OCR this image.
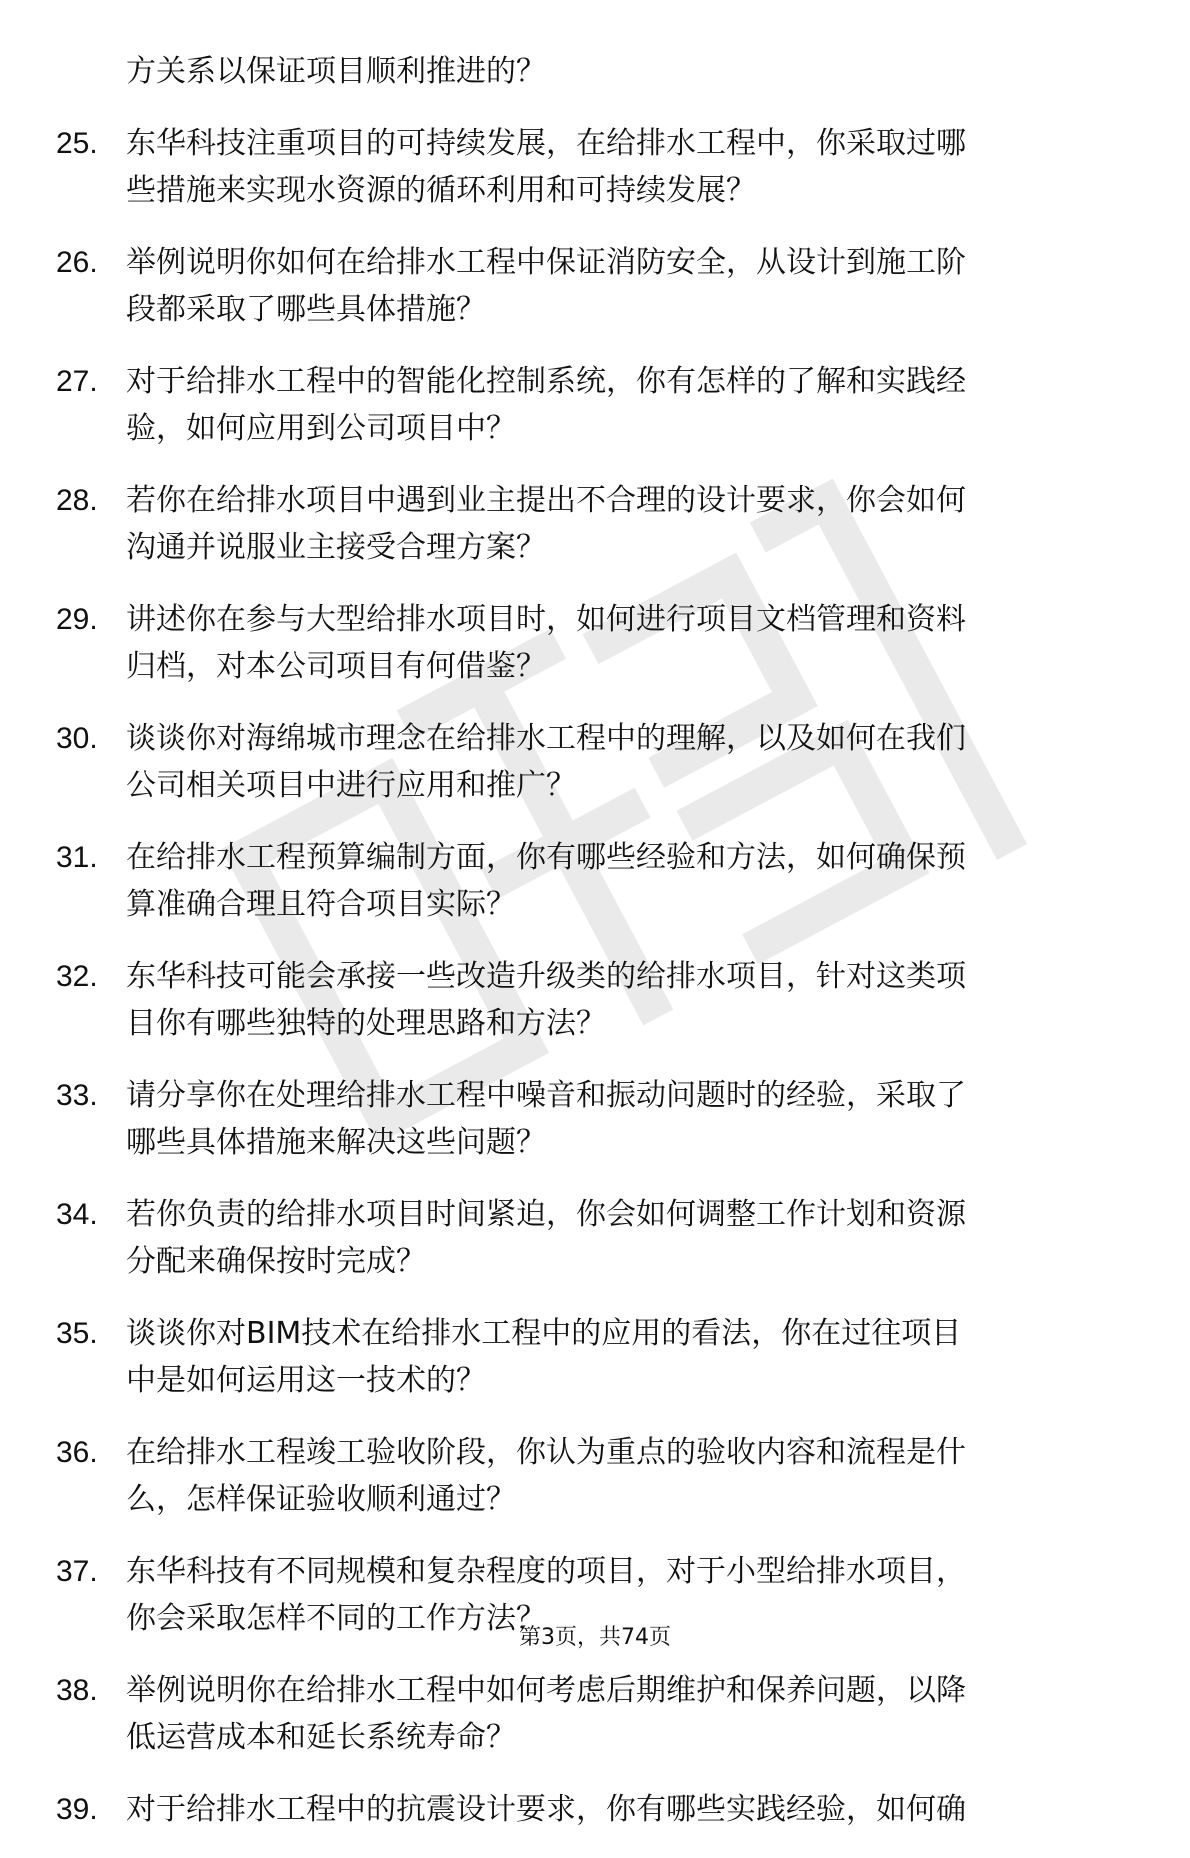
方关系以保证项目顺利推进的？
25. 东华科技注重项目的可持续发展，在给排水工程中，你采取过哪
些措施来实现水资源的循环利用和可持续发展？
26. 举例说明你如何在给排水工程中保证消防安全，从设计到施工阶
段都采取了哪些具体措施？
27. 对于给排水工程中的智能化控制系统，你有怎样的了解和实践经
验，如何应用到公司项目中？
28. 若你在给排水项目中遇到业主提出不合理的设计要求，你会如何
沟通并说服业主接受合理方案？
29. 讲述你在参与大型给排水项目时，如何进行项目文档管理和资料
归档，对本公司项目有何借鉴？
30. 谈谈你对海绵城市理念在给排水工程中的理解，以及如何在我们
公司相关项目中进行应用和推广？
31. 在给排水工程预算编制方面，你有哪些经验和方法，如何确保预
算准确合理且符合项目实际？
32. 东华科技可能会承接一些改造升级类的给排水项目，针对这类项
目你有哪些独特的处理思路和方法？
33. 请分享你在处理给排水工程中噪音和振动问题时的经验，采取了
哪些具体措施来解决这些问题？
34. 若你负责的给排水项目时间紧迫，你会如何调整工作计划和资源
分配来确保按时完成？
35. 谈谈你对BIM技术在给排水工程中的应用的看法，你在过往项目
中是如何运用这一技术的？
36. 在给排水工程竣工验收阶段，你认为重点的验收内容和流程是什
么，怎样保证验收顺利通过？
37. 东华科技有不同规模和复杂程度的项目，对于小型给排水项目，
你会采取怎样不同的工作方法？
38. 举例说明你在给排水工程中如何考虑后期维护和保养问题，以降
低运营成本和延长系统寿命？
39. 对于给排水工程中的抗震设计要求，你有哪些实践经验，如何确
第3页，共74页
